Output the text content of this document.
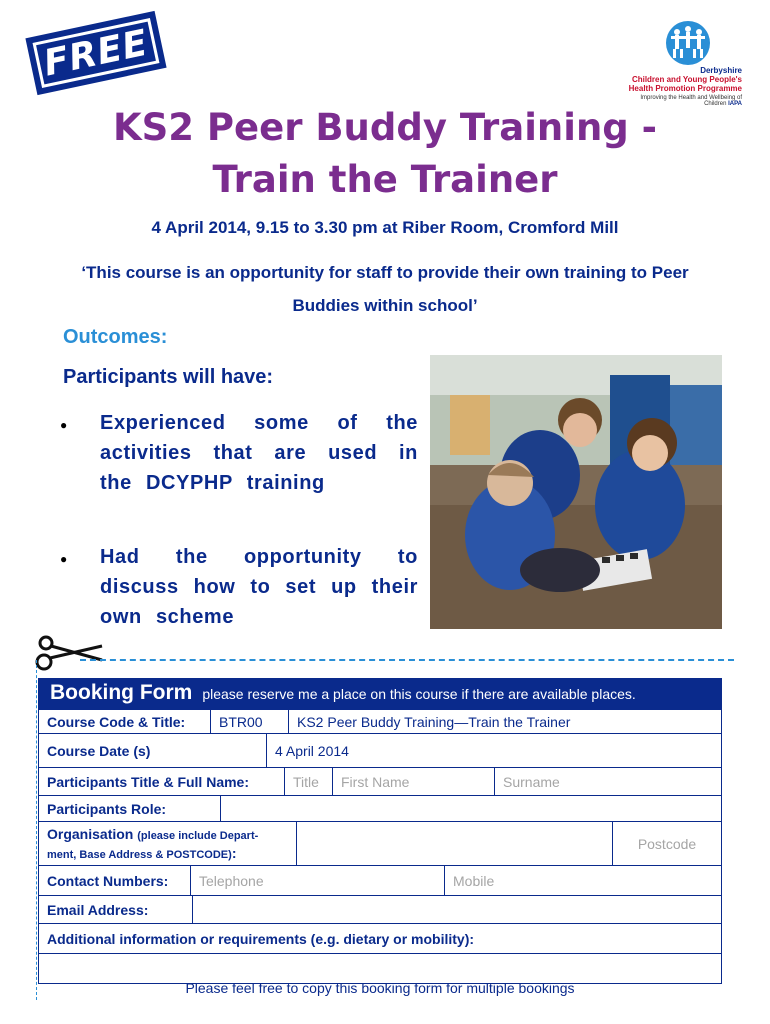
FREE	Derbyshire
Children and Young People's
Health Promotion Programme
Improving the Health and Wellbeing of Children IAPA
KS2 Peer Buddy Training -
Train the Trainer
4 April 2014, 9.15 to 3.30 pm at Riber Room, Cromford Mill
‘This course is an opportunity for staff to provide their own training to Peer Buddies within school’
Outcomes:
Participants will have:
●	Experienced some of the activities that are used in the DCYPHP training
●	Had the opportunity to discuss how to set up their own scheme
Booking Form please reserve me a place on this course if there are available places.
Course Code & Title:	BTR00	KS2 Peer Buddy Training—Train the Trainer
Course Date (s)	4 April 2014
Participants Title & Full Name:	Title	First Name	Surname
Participants Role:
Organisation (please include Depart-
ment, Base Address & POSTCODE):
Postcode
Contact Numbers:	Telephone	Mobile
Email Address:
Additional information or requirements (e.g. dietary or mobility):
Please feel free to copy this booking form for multiple bookings
